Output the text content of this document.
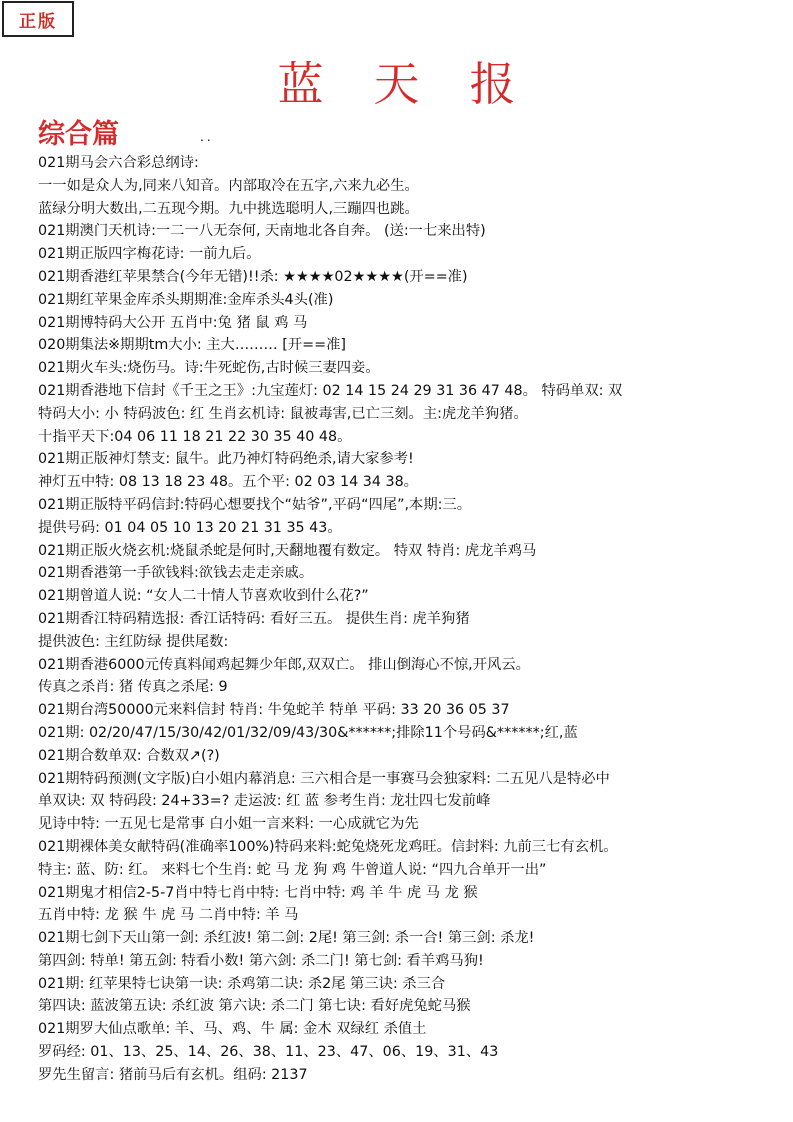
正版
蓝天报
综合篇	..
021期马会六合彩总纲诗:
一一如是众人为,同来八知音。内部取冷在五字,六来九必生。
蓝绿分明大数出,二五现今期。九中挑选聪明人,三蹦四也跳。
021期澳门天机诗:一二一八无奈何, 天南地北各自奔。 (送:一七来出特)
021期正版四字梅花诗: 一前九后。
021期香港红苹果禁合(今年无错)!!杀: ★★★★02★★★★(开==准)
021期红苹果金库杀头期期准:金库杀头4头(准)
021期博特码大公开 五肖中:兔 猪 鼠 鸡 马
020期集法※期期tm大小: 主大……… [开==准]
021期火车头:烧伤马。诗:牛死蛇伤,古时候三妻四妾。
021期香港地下信封《千王之王》:九宝莲灯: 02 14 15 24 29 31 36 47 48。 特码单双: 双
特码大小: 小 特码波色: 红 生肖玄机诗: 鼠被毒害,已亡三刻。主:虎龙羊狗猪。
十指平天下:04 06 11 18 21 22 30 35 40 48。
021期正版神灯禁支: 鼠牛。此乃神灯特码绝杀,请大家参考!
神灯五中特: 08 13 18 23 48。五个平: 02 03 14 34 38。
021期正版特平码信封:特码心想要找个“姑爷”,平码“四尾”,本期:三。
提供号码: 01 04 05 10 13 20 21 31 35 43。
021期正版火烧玄机:烧鼠杀蛇是何时,天翻地覆有数定。 特双 特肖: 虎龙羊鸡马
021期香港第一手欲钱料:欲钱去走走亲戚。
021期曾道人说: “女人二十情人节喜欢收到什么花?”
021期香江特码精选报: 香江话特码: 看好三五。 提供生肖: 虎羊狗猪
提供波色: 主红防绿 提供尾数:
021期香港6000元传真料闻鸡起舞少年郎,双双亡。 排山倒海心不惊,开风云。
传真之杀肖: 猪 传真之杀尾: 9
021期台湾50000元来料信封 特肖: 牛兔蛇羊 特单 平码: 33 20 36 05 37
021期: 02/20/47/15/30/42/01/32/09/43/30&******;排除11个号码&******;红,蓝
021期合数单双: 合数双↗(?)
021期特码预测(文字版)白小姐内幕消息: 三六相合是一事赛马会独家料: 二五见八是特必中
单双诀: 双 特码段: 24+33=? 走运波: 红 蓝 参考生肖: 龙壮四七发前峰
见诗中特: 一五见七是常事 白小姐一言来料: 一心成就它为先
021期裸体美女献特码(准确率100%)特码来料:蛇兔烧死龙鸡旺。信封料: 九前三七有玄机。
特主: 蓝、防: 红。 来料七个生肖: 蛇 马 龙 狗 鸡 牛曾道人说: “四九合单开一出”
021期鬼才相信2-5-7肖中特七肖中特: 七肖中特: 鸡 羊 牛 虎 马 龙 猴
五肖中特: 龙 猴 牛 虎 马 二肖中特: 羊 马
021期七剑下天山第一剑: 杀红波! 第二剑: 2尾! 第三剑: 杀一合! 第三剑: 杀龙!
第四剑: 特单! 第五剑: 特看小数! 第六剑: 杀二门! 第七剑: 看羊鸡马狗!
021期: 红苹果特七诀第一诀: 杀鸡第二诀: 杀2尾 第三诀: 杀三合
第四诀: 蓝波第五诀: 杀红波 第六诀: 杀二门 第七诀: 看好虎兔蛇马猴
021期罗大仙点歌单: 羊、马、鸡、牛 属: 金木 双绿红 杀值土
罗码经: 01、13、25、14、26、38、11、23、47、06、19、31、43
罗先生留言: 猪前马后有玄机。组码: 2137
